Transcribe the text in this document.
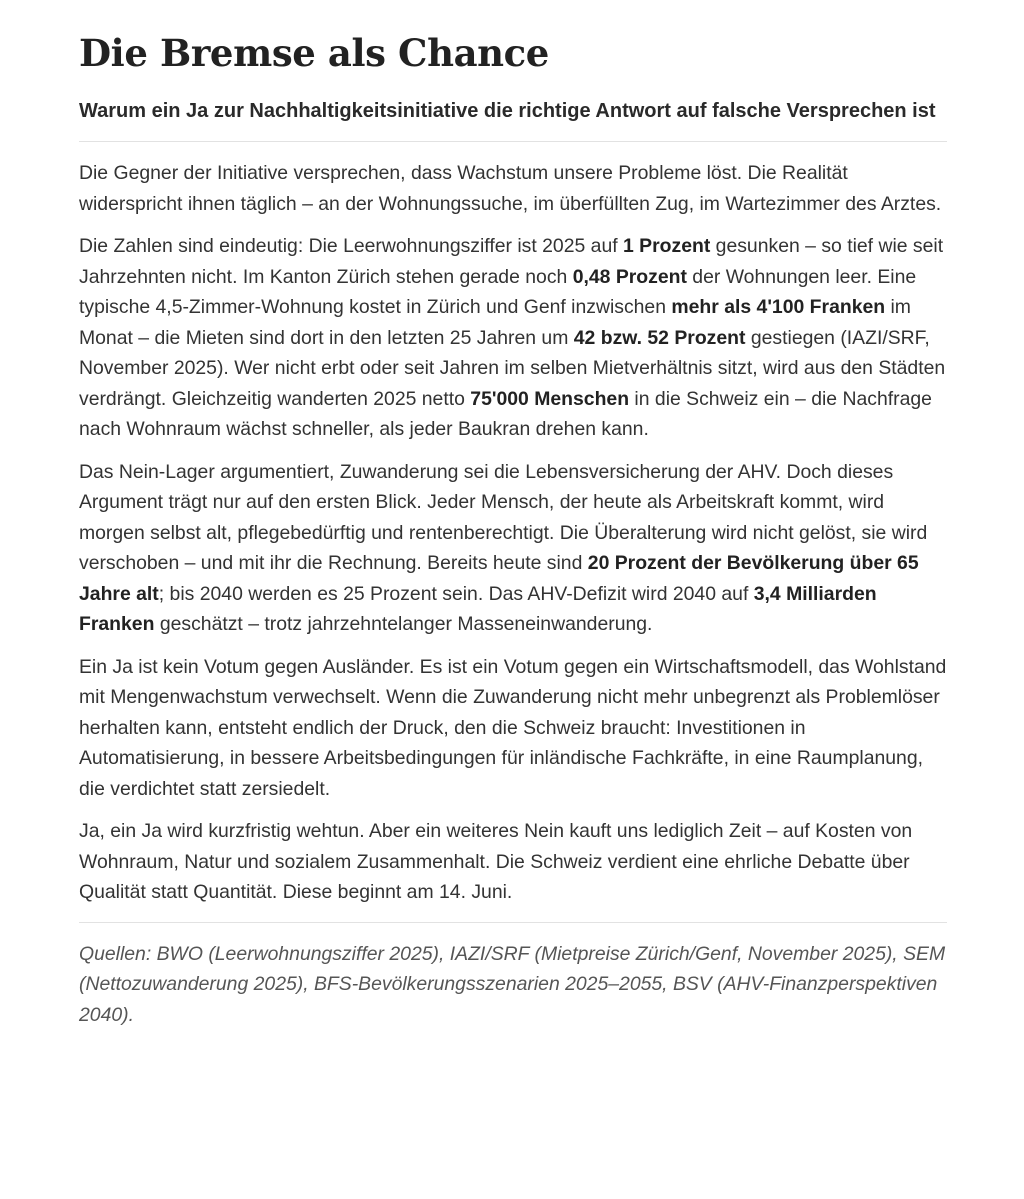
Die Bremse als Chance

Warum ein Ja zur Nachhaltigkeitsinitiative die richtige Antwort auf falsche Versprechen ist

Die Gegner der Initiative versprechen, dass Wachstum unsere Probleme löst. Die Realität widerspricht ihnen täglich – an der Wohnungssuche, im überfüllten Zug, im Wartezimmer des Arztes.

Die Zahlen sind eindeutig: Die Leerwohnungsziffer ist 2025 auf 1 Prozent gesunken – so tief wie seit Jahrzehnten nicht. Im Kanton Zürich stehen gerade noch 0,48 Prozent der Wohnungen leer. Eine typische 4,5-Zimmer-Wohnung kostet in Zürich und Genf inzwischen mehr als 4'100 Franken im Monat – die Mieten sind dort in den letzten 25 Jahren um 42 bzw. 52 Prozent gestiegen (IAZI/SRF, November 2025). Wer nicht erbt oder seit Jahren im selben Mietverhältnis sitzt, wird aus den Städten verdrängt. Gleichzeitig wanderten 2025 netto 75'000 Menschen in die Schweiz ein – die Nachfrage nach Wohnraum wächst schneller, als jeder Baukran drehen kann.

Das Nein-Lager argumentiert, Zuwanderung sei die Lebensversicherung der AHV. Doch dieses Argument trägt nur auf den ersten Blick. Jeder Mensch, der heute als Arbeitskraft kommt, wird morgen selbst alt, pflegebedürftig und rentenberechtigt. Die Überalterung wird nicht gelöst, sie wird verschoben – und mit ihr die Rechnung. Bereits heute sind 20 Prozent der Bevölkerung über 65 Jahre alt; bis 2040 werden es 25 Prozent sein. Das AHV-Defizit wird 2040 auf 3,4 Milliarden Franken geschätzt – trotz jahrzehntelanger Masseneinwanderung.

Ein Ja ist kein Votum gegen Ausländer. Es ist ein Votum gegen ein Wirtschaftsmodell, das Wohlstand mit Mengenwachstum verwechselt. Wenn die Zuwanderung nicht mehr unbegrenzt als Problemlöser herhalten kann, entsteht endlich der Druck, den die Schweiz braucht: Investitionen in Automatisierung, in bessere Arbeitsbedingungen für inländische Fachkräfte, in eine Raumplanung, die verdichtet statt zersiedelt.

Ja, ein Ja wird kurzfristig wehtun. Aber ein weiteres Nein kauft uns lediglich Zeit – auf Kosten von Wohnraum, Natur und sozialem Zusammenhalt. Die Schweiz verdient eine ehrliche Debatte über Qualität statt Quantität. Diese beginnt am 14. Juni.

Quellen: BWO (Leerwohnungsziffer 2025), IAZI/SRF (Mietpreise Zürich/Genf, November 2025), SEM (Nettozuwanderung 2025), BFS-Bevölkerungsszenarien 2025–2055, BSV (AHV-Finanzperspektiven 2040).
